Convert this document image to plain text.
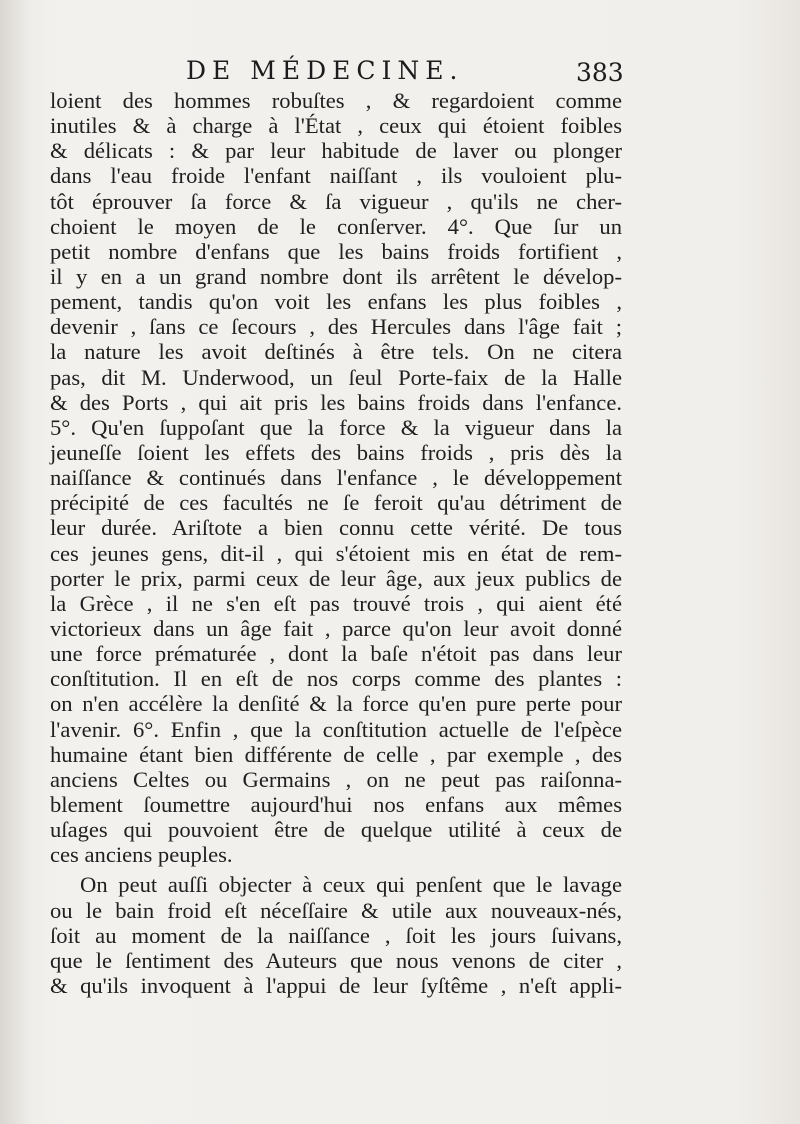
DE MÉDECINE.	383
loient des hommes robuſtes , & regardoient comme
inutiles & à charge à l'État , ceux qui étoient foibles
& délicats : & par leur habitude de laver ou plonger
dans l'eau froide l'enfant naiſſant , ils vouloient plu-
tôt éprouver ſa force & ſa vigueur , qu'ils ne cher-
choient le moyen de le conſerver. 4°. Que ſur un
petit nombre d'enfans que les bains froids fortifient ,
il y en a un grand nombre dont ils arrêtent le dévelop-
pement, tandis qu'on voit les enfans les plus foibles ,
devenir , ſans ce ſecours , des Hercules dans l'âge fait ;
la nature les avoit deſtinés à être tels. On ne citera
pas, dit M. Underwood, un ſeul Porte-faix de la Halle
& des Ports , qui ait pris les bains froids dans l'enfance.
5°. Qu'en ſuppoſant que la force & la vigueur dans la
jeuneſſe ſoient les effets des bains froids , pris dès la
naiſſance & continués dans l'enfance , le développement
précipité de ces facultés ne ſe feroit qu'au détriment de
leur durée. Ariſtote a bien connu cette vérité. De tous
ces jeunes gens, dit-il , qui s'étoient mis en état de rem-
porter le prix, parmi ceux de leur âge, aux jeux publics de
la Grèce , il ne s'en eſt pas trouvé trois , qui aient été
victorieux dans un âge fait , parce qu'on leur avoit donné
une force prématurée , dont la baſe n'étoit pas dans leur
conſtitution. Il en eſt de nos corps comme des plantes :
on n'en accélère la denſité & la force qu'en pure perte pour
l'avenir. 6°. Enfin , que la conſtitution actuelle de l'eſpèce
humaine étant bien différente de celle , par exemple , des
anciens Celtes ou Germains , on ne peut pas raiſonna-
blement ſoumettre aujourd'hui nos enfans aux mêmes
uſages qui pouvoient être de quelque utilité à ceux de
ces anciens peuples.
On peut auſſi objecter à ceux qui penſent que le lavage
ou le bain froid eſt néceſſaire & utile aux nouveaux-nés,
ſoit au moment de la naiſſance , ſoit les jours ſuivans,
que le ſentiment des Auteurs que nous venons de citer ,
& qu'ils invoquent à l'appui de leur ſyſtême , n'eſt appli-
